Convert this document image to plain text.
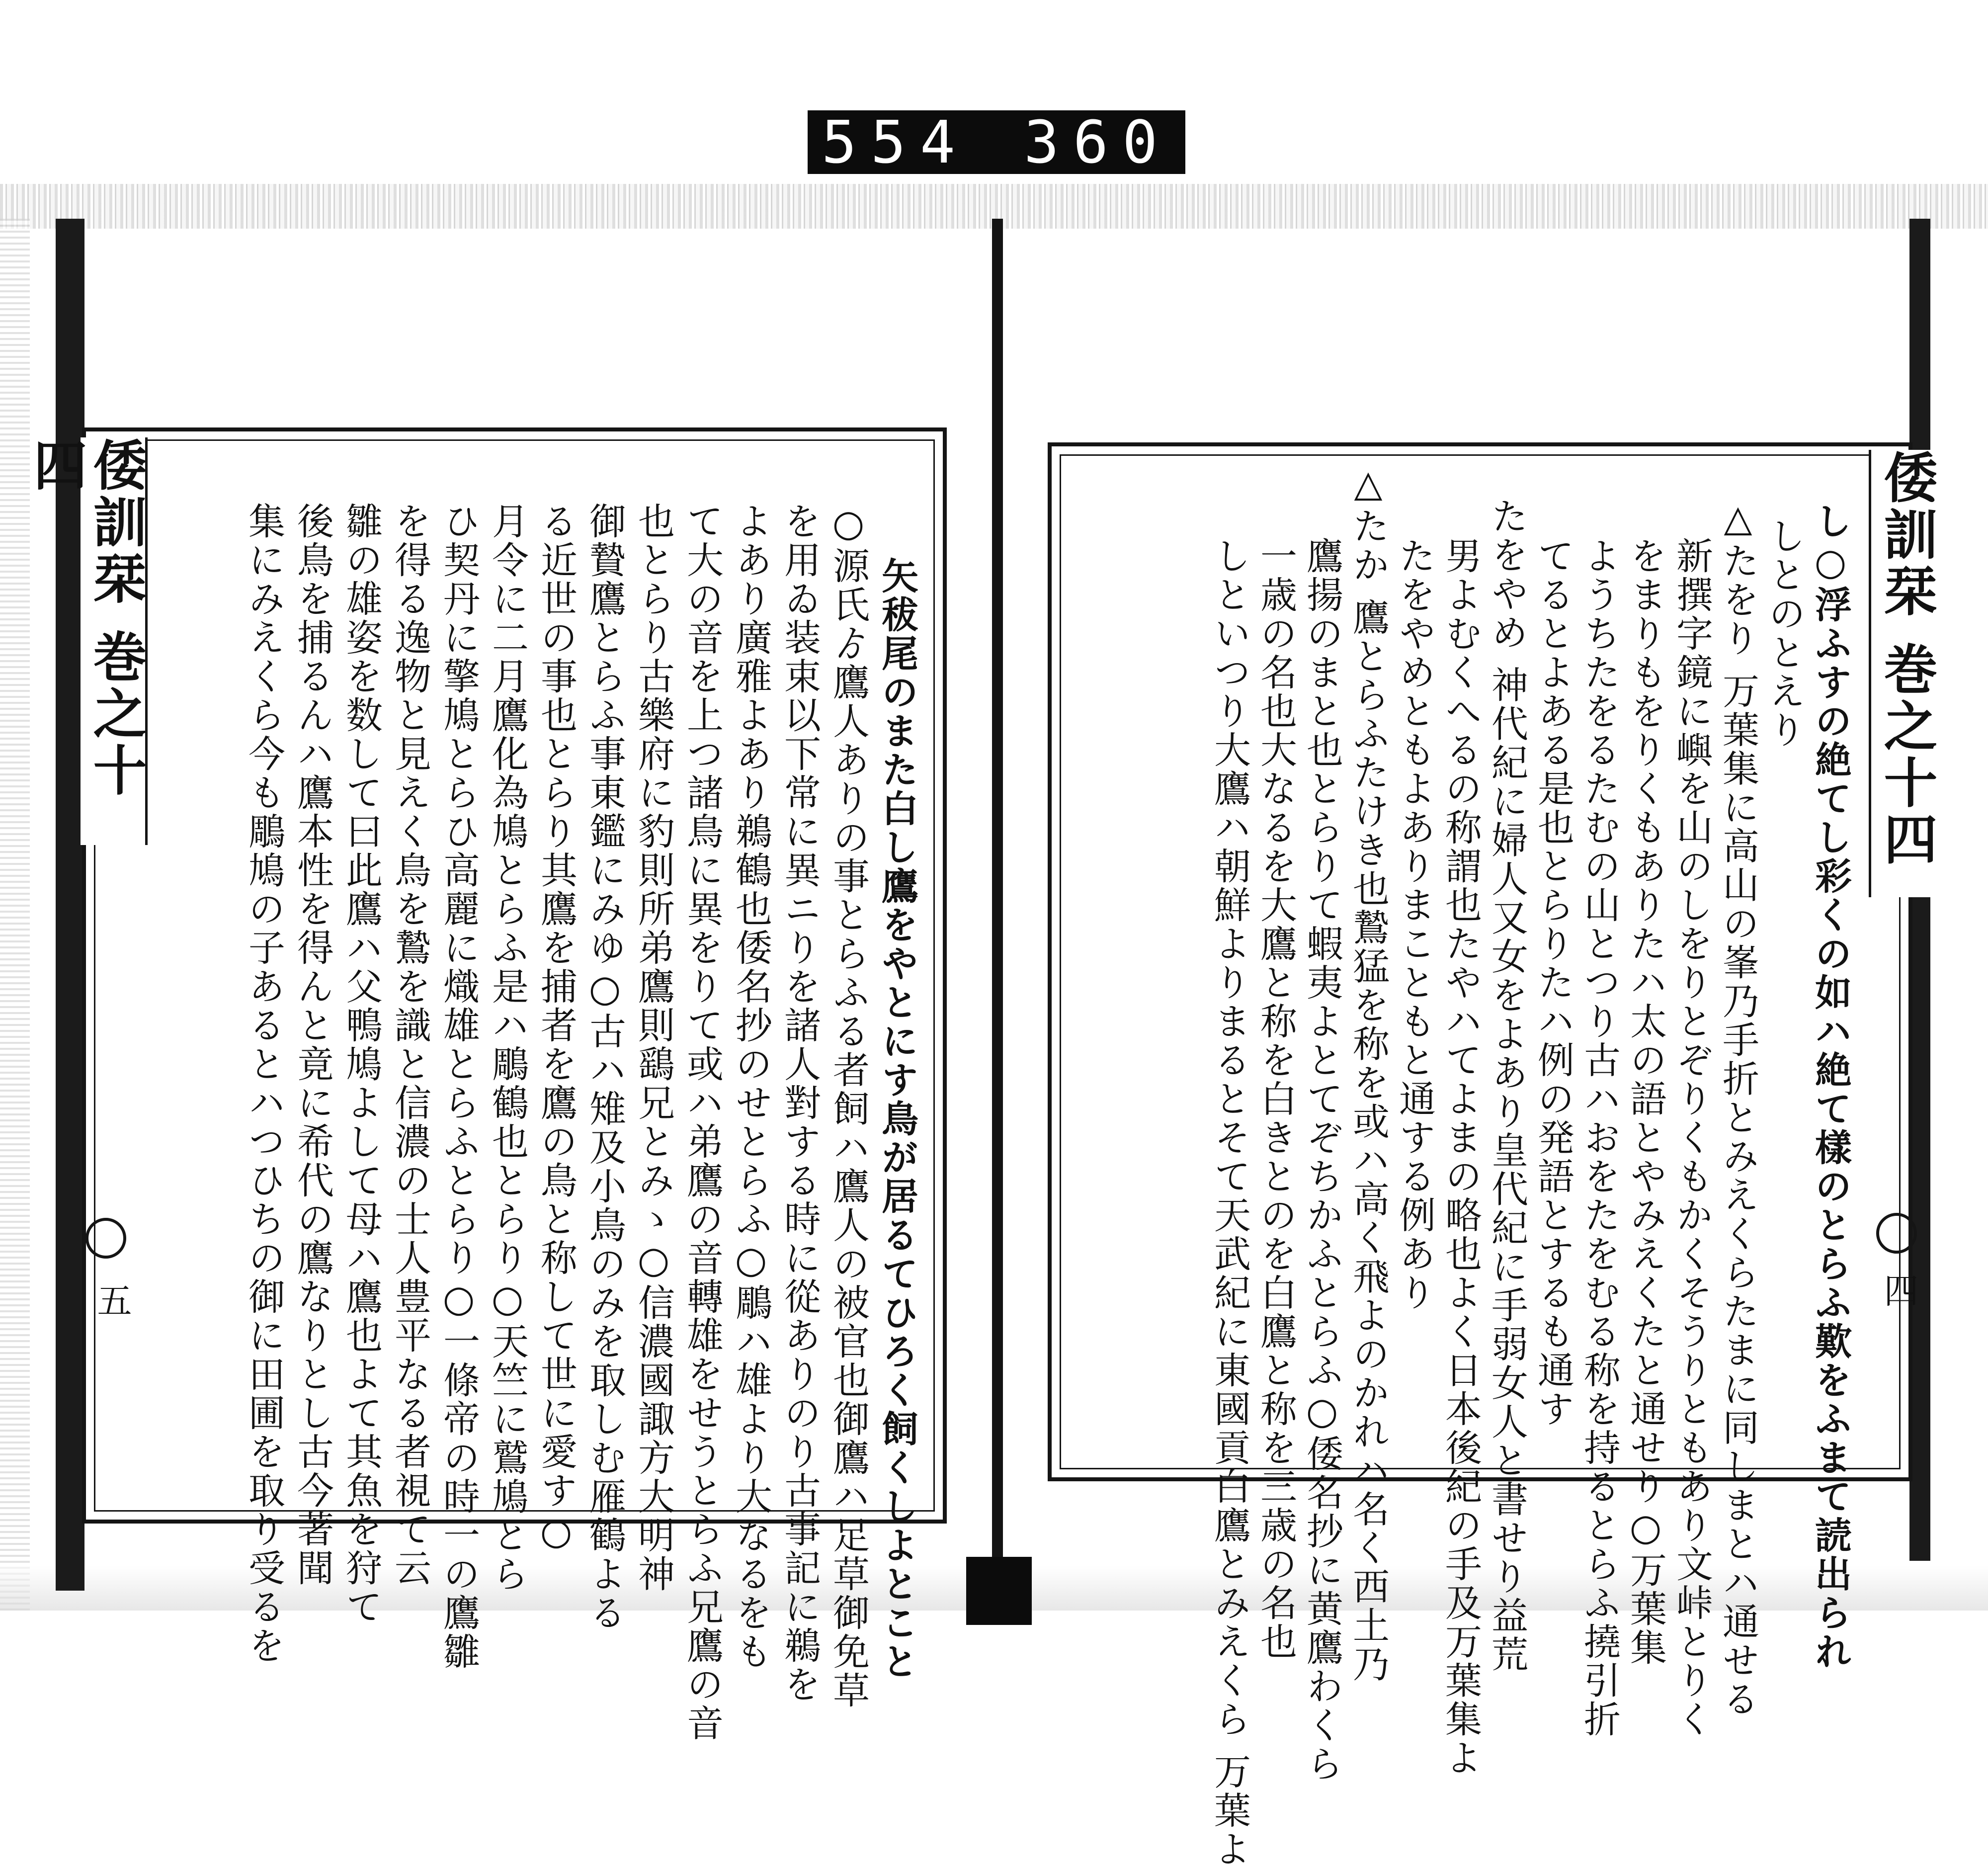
554 360
倭訓栞 巻之十四
五	矢秡尾のまた白し鷹をやとにす鳥が居るてひろく飼くしよとこと
○源氏ゟ鷹人ありの事とらふる者飼ハ鷹人の被官也御鷹ハ足草御免草
を用ゐ装束以下常に異ニりを諸人對する時に從ありのり古事記に鵜を
よあり廣雅よあり鵜鶴也倭名抄のせとらふ○鵰ハ雄より大なるをも
て大の音を上つ諸鳥に異をりて或ハ弟鷹の音轉雄をせうとらふ兄鷹の音
也とらり古樂府に豹則所弟鷹則鷂兄とみゝ○信濃國諏方大明神
御贄鷹とらふ事東鑑にみゆ○古ハ雉及小鳥のみを取しむ雁鶴よる
る近世の事也とらり其鷹を捕者を鷹の鳥と称して世に愛す○
月令に二月鷹化為鳩とらふ是ハ鵰鶴也とらり○天竺に鷲鳩とら
ひ契丹に擎鳩とらひ高麗に熾雄とらふとらり○一條帝の時一の鷹雛
を得る逸物と見えく鳥を鷙を識と信濃の士人豊平なる者視て云
雛の雄姿を数して曰此鷹ハ父鴨鳩よして母ハ鷹也よて其魚を狩て
後鳥を捕るんハ鷹本性を得んと竟に希代の鷹なりとし古今著聞
集にみえくら今も鵰鳩の子あるとハつひちの御に田圃を取り受るを	倭訓栞 巻之十四
四
し○浮ふすの絶てし彩くの如ハ絶て樣のとらふ歎をふまて読出られ
しとのとえり
△たをり 万葉集に高山の峯乃手折とみえくらたまに同しまとハ通せる
新撰字鏡に嶼を山のしをりとぞりくもかくそうりともあり文峠とりく
をまりもをりくもありたハ太の語とやみえくたと通せり○万葉集
ようちたをるたむの山とつり古ハおをたをむる称を持るとらふ撓引折
てるとよある是也とらりたハ例の発語とするも通す
たをやめ 神代紀に婦人又女をよあり皇代紀に手弱女人と書せり益荒
男よむくへるの称謂也たやハてよまの略也よく日本後紀の手及万葉集よ
たをやめともよありまこともと通する例あり
△たか 鷹とらふたけき也鷙猛を称を或ハ高く飛よのかれハ名く西土乃
鷹揚のまと也とらりて蝦夷よとてぞちかふとらふ○倭名抄に黄鷹わくら
一歳の名也大なるを大鷹と称を白きとのを白鷹と称を三歳の名也
しといつり大鷹ハ朝鮮よりまるとそて天武紀に東國貢白鷹とみえくら 万葉よ
